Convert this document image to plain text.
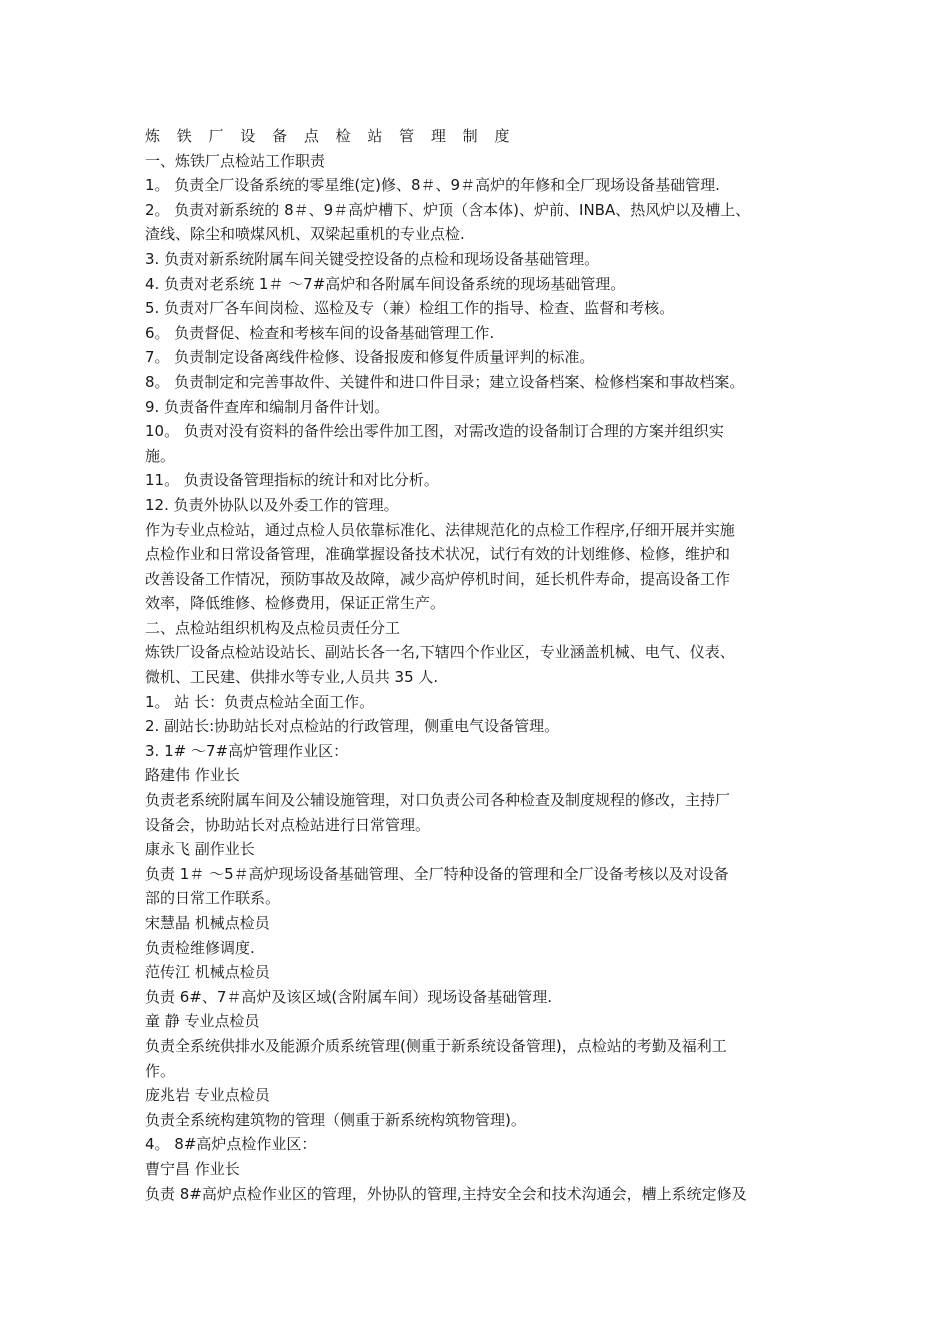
炼 铁 厂 设 备 点 检 站 管 理 制 度
一、炼铁厂点检站工作职责
1。 负责全厂设备系统的零星维(定)修、8＃、9＃高炉的年修和全厂现场设备基础管理.
2。 负责对新系统的 8＃、9＃高炉槽下、炉顶（含本体)、炉前、INBA、热风炉以及槽上、
渣线、除尘和喷煤风机、双梁起重机的专业点检.
3. 负责对新系统附属车间关键受控设备的点检和现场设备基础管理。
4. 负责对老系统 1＃ ～7#高炉和各附属车间设备系统的现场基础管理。
5. 负责对厂各车间岗检、巡检及专（兼）检组工作的指导、检查、监督和考核。
6。 负责督促、检查和考核车间的设备基础管理工作.
7。 负责制定设备离线件检修、设备报废和修复件质量评判的标准。
8。 负责制定和完善事故件、关键件和进口件目录；建立设备档案、检修档案和事故档案。
9. 负责备件查库和编制月备件计划。
10。 负责对没有资料的备件绘出零件加工图，对需改造的设备制订合理的方案并组织实
施。
11。 负责设备管理指标的统计和对比分析。
12. 负责外协队以及外委工作的管理。
作为专业点检站，通过点检人员依靠标准化、法律规范化的点检工作程序,仔细开展并实施
点检作业和日常设备管理，准确掌握设备技术状况，试行有效的计划维修、检修，维护和
改善设备工作情况，预防事故及故障，减少高炉停机时间，延长机件寿命，提高设备工作
效率，降低维修、检修费用，保证正常生产。
二、点检站组织机构及点检员责任分工
炼铁厂设备点检站设站长、副站长各一名,下辖四个作业区，专业涵盖机械、电气、仪表、
微机、工民建、供排水等专业,人员共 35 人.
1。 站 长：负责点检站全面工作。
2. 副站长:协助站长对点检站的行政管理，侧重电气设备管理。
3. 1# ～7#高炉管理作业区：
路建伟 作业长
负责老系统附属车间及公辅设施管理，对口负责公司各种检查及制度规程的修改，主持厂
设备会，协助站长对点检站进行日常管理。
康永飞 副作业长
负责 1＃ ～5＃高炉现场设备基础管理、全厂特种设备的管理和全厂设备考核以及对设备
部的日常工作联系。
宋慧晶 机械点检员
负责检维修调度.
范传江 机械点检员
负责 6#、7＃高炉及该区域(含附属车间）现场设备基础管理.
童 静 专业点检员
负责全系统供排水及能源介质系统管理(侧重于新系统设备管理)，点检站的考勤及福利工
作。
庞兆岩 专业点检员
负责全系统构建筑物的管理（侧重于新系统构筑物管理)。
4。 8#高炉点检作业区：
曹宁昌 作业长
负责 8#高炉点检作业区的管理，外协队的管理,主持安全会和技术沟通会，槽上系统定修及
